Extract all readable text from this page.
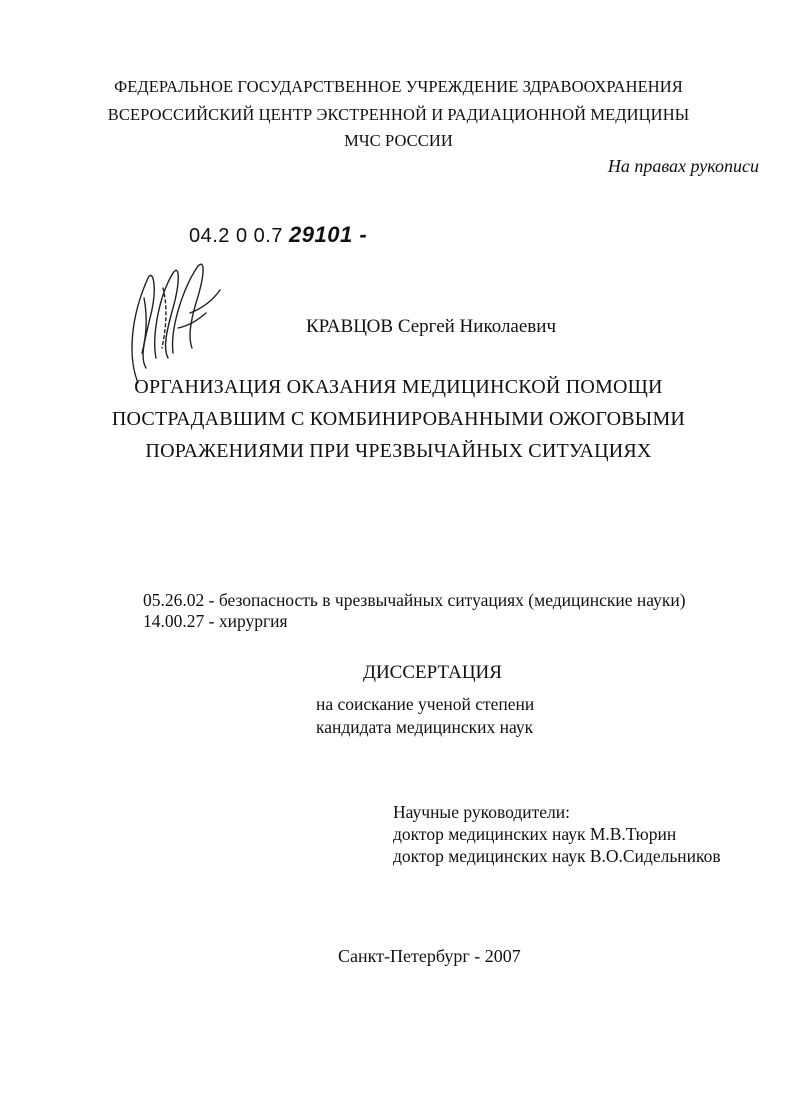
ФЕДЕРАЛЬНОЕ ГОСУДАРСТВЕННОЕ УЧРЕЖДЕНИЕ ЗДРАВООХРАНЕНИЯ
ВСЕРОССИЙСКИЙ ЦЕНТР ЭКСТРЕННОЙ И РАДИАЦИОННОЙ МЕДИЦИНЫ
МЧС РОССИИ
На правах рукописи
04.2 0 0.7 29101 -
КРАВЦОВ Сергей Николаевич
ОРГАНИЗАЦИЯ ОКАЗАНИЯ МЕДИЦИНСКОЙ ПОМОЩИ
ПОСТРАДАВШИМ С КОМБИНИРОВАННЫМИ ОЖОГОВЫМИ
ПОРАЖЕНИЯМИ ПРИ ЧРЕЗВЫЧАЙНЫХ СИТУАЦИЯХ
05.26.02 - безопасность в чрезвычайных ситуациях (медицинские науки)
14.00.27 - хирургия
ДИССЕРТАЦИЯ
на соискание ученой степени
кандидата медицинских наук
Научные руководители:
доктор медицинских наук М.В.Тюрин
доктор медицинских наук В.О.Сидельников
Санкт-Петербург - 2007
